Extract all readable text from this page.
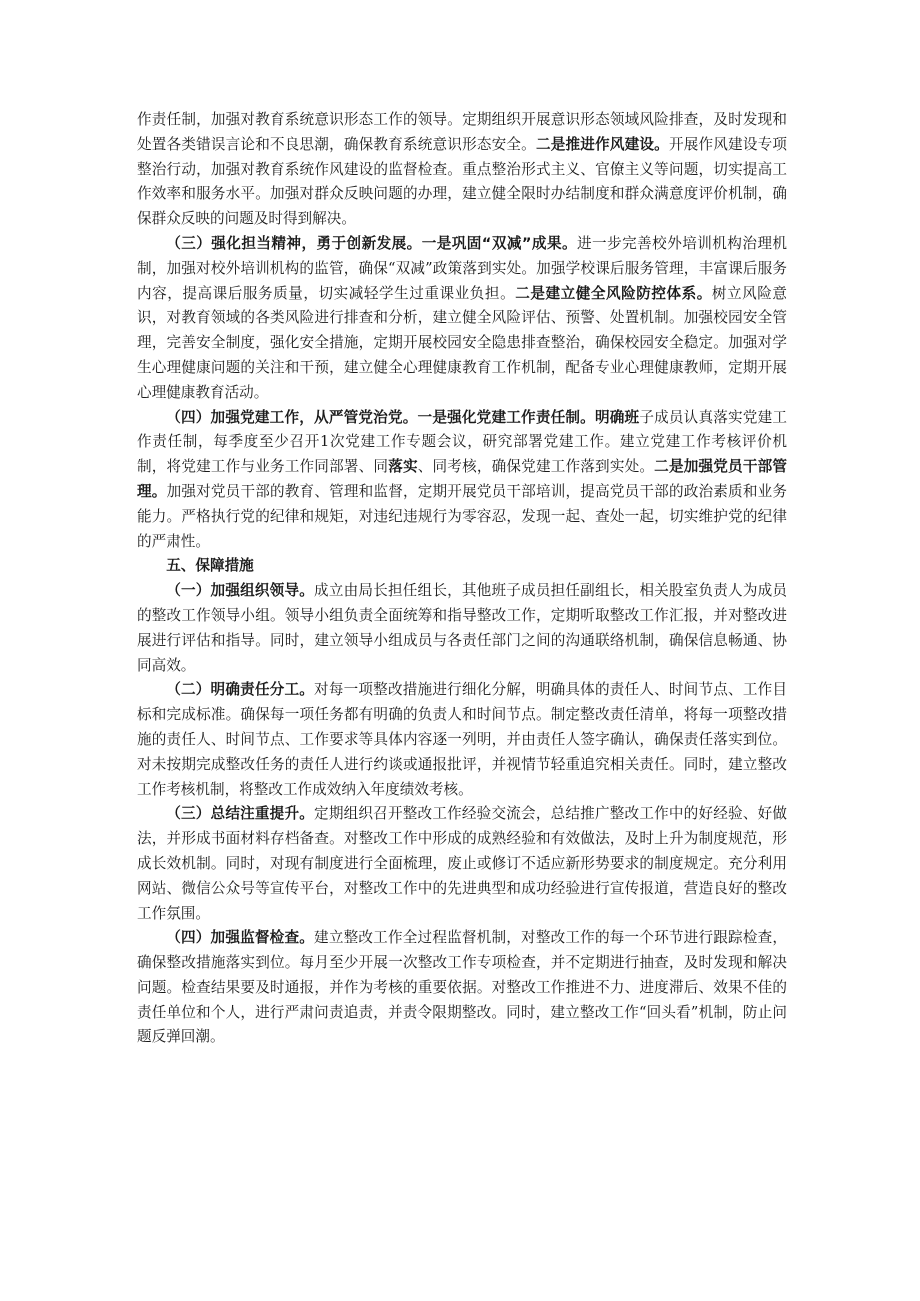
作责任制，加强对教育系统意识形态工作的领导。定期组织开展意识形态领域风险排查，及时发现和处置各类错误言论和不良思潮，确保教育系统意识形态安全。二是推进作风建设。开展作风建设专项整治行动，加强对教育系统作风建设的监督检查。重点整治形式主义、官僚主义等问题，切实提高工作效率和服务水平。加强对群众反映问题的办理，建立健全限时办结制度和群众满意度评价机制，确保群众反映的问题及时得到解决。

（三）强化担当精神，勇于创新发展。一是巩固“双减”成果。进一步完善校外培训机构治理机制，加强对校外培训机构的监管，确保“双减”政策落到实处。加强学校课后服务管理，丰富课后服务内容，提高课后服务质量，切实减轻学生过重课业负担。二是建立健全风险防控体系。树立风险意识，对教育领域的各类风险进行排查和分析，建立健全风险评估、预警、处置机制。加强校园安全管理，完善安全制度，强化安全措施，定期开展校园安全隐患排查整治，确保校园安全稳定。加强对学生心理健康问题的关注和干预，建立健全心理健康教育工作机制，配备专业心理健康教师，定期开展心理健康教育活动。

（四）加强党建工作，从严管党治党。一是强化党建工作责任制。明确班子成员认真落实党建工作责任制，每季度至少召开1次党建工作专题会议，研究部署党建工作。建立党建工作考核评价机制，将党建工作与业务工作同部署、同落实、同考核，确保党建工作落到实处。二是加强党员干部管理。加强对党员干部的教育、管理和监督，定期开展党员干部培训，提高党员干部的政治素质和业务能力。严格执行党的纪律和规矩，对违纪违规行为零容忍，发现一起、查处一起，切实维护党的纪律的严肃性。

五、保障措施

（一）加强组织领导。成立由局长担任组长，其他班子成员担任副组长，相关股室负责人为成员的整改工作领导小组。领导小组负责全面统筹和指导整改工作，定期听取整改工作汇报，并对整改进展进行评估和指导。同时，建立领导小组成员与各责任部门之间的沟通联络机制，确保信息畅通、协同高效。

（二）明确责任分工。对每一项整改措施进行细化分解，明确具体的责任人、时间节点、工作目标和完成标准。确保每一项任务都有明确的负责人和时间节点。制定整改责任清单，将每一项整改措施的责任人、时间节点、工作要求等具体内容逐一列明，并由责任人签字确认，确保责任落实到位。对未按期完成整改任务的责任人进行约谈或通报批评，并视情节轻重追究相关责任。同时，建立整改工作考核机制，将整改工作成效纳入年度绩效考核。

（三）总结注重提升。定期组织召开整改工作经验交流会，总结推广整改工作中的好经验、好做法，并形成书面材料存档备查。对整改工作中形成的成熟经验和有效做法，及时上升为制度规范，形成长效机制。同时，对现有制度进行全面梳理，废止或修订不适应新形势要求的制度规定。充分利用网站、微信公众号等宣传平台，对整改工作中的先进典型和成功经验进行宣传报道，营造良好的整改工作氛围。

（四）加强监督检查。建立整改工作全过程监督机制，对整改工作的每一个环节进行跟踪检查，确保整改措施落实到位。每月至少开展一次整改工作专项检查，并不定期进行抽查，及时发现和解决问题。检查结果要及时通报，并作为考核的重要依据。对整改工作推进不力、进度滞后、效果不佳的责任单位和个人，进行严肃问责追责，并责令限期整改。同时，建立整改工作“回头看”机制，防止问题反弹回潮。
